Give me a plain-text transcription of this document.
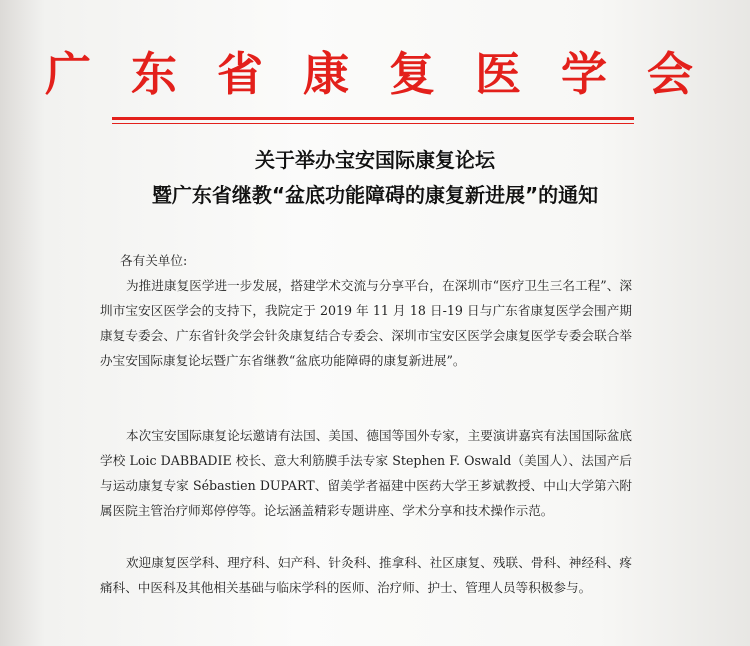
广 东 省 康 复 医 学 会
关于举办宝安国际康复论坛
暨广东省继教“盆底功能障碍的康复新进展”的通知
各有关单位:
为推进康复医学进一步发展，搭建学术交流与分享平台，在深圳市“医疗卫生三名工程”、深圳市宝安区医学会的支持下，我院定于 2019 年 11 月 18 日-19 日与广东省康复医学会围产期康复专委会、广东省针灸学会针灸康复结合专委会、深圳市宝安区医学会康复医学专委会联合举办宝安国际康复论坛暨广东省继教“盆底功能障碍的康复新进展”。
本次宝安国际康复论坛邀请有法国、美国、德国等国外专家，主要演讲嘉宾有法国国际盆底学校 Loic DABBADIE 校长、意大利筋膜手法专家 Stephen F. Oswald（美国人）、法国产后与运动康复专家 Sébastien DUPART、留美学者福建中医药大学王芗斌教授、中山大学第六附属医院主管治疗师郑停停等。论坛涵盖精彩专题讲座、学术分享和技术操作示范。
欢迎康复医学科、理疗科、妇产科、针灸科、推拿科、社区康复、残联、骨科、神经科、疼痛科、中医科及其他相关基础与临床学科的医师、治疗师、护士、管理人员等积极参与。
